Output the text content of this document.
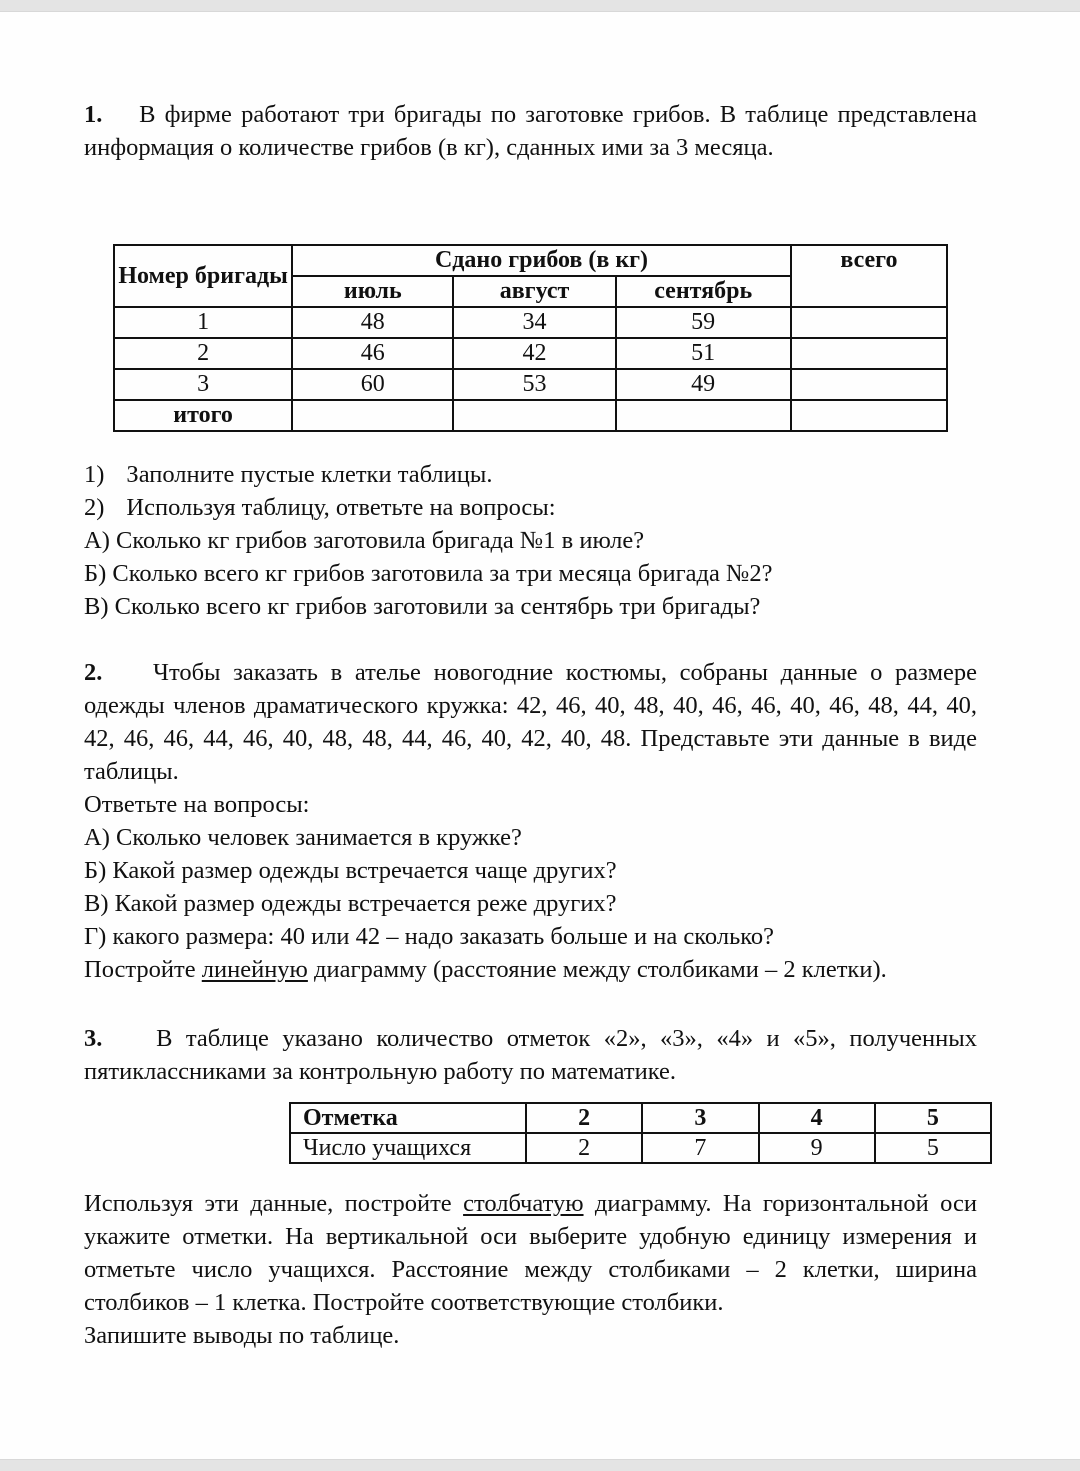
1. В фирме работают три бригады по заготовке грибов. В таблице представлена информация о количестве грибов (в кг), сданных ими за 3 месяца.
Номер бригады	Сдано грибов (в кг)			всего
	июль	август	сентябрь	
1	48	34	59	
2	46	42	51	
3	60	53	49	
итого				
1) Заполните пустые клетки таблицы.
2) Используя таблицу, ответьте на вопросы:
А) Сколько кг грибов заготовила бригада №1 в июле?
Б) Сколько всего кг грибов заготовила за три месяца бригада №2?
В) Сколько всего кг грибов заготовили за сентябрь три бригады?
2. Чтобы заказать в ателье новогодние костюмы, собраны данные о размере одежды членов драматического кружка: 42, 46, 40, 48, 40, 46, 46, 40, 46, 48, 44, 40, 42, 46, 46, 44, 46, 40, 48, 48, 44, 46, 40, 42, 40, 48. Представьте эти данные в виде таблицы.
Ответьте на вопросы:
А) Сколько человек занимается в кружке?
Б) Какой размер одежды встречается чаще других?
В) Какой размер одежды встречается реже других?
Г) какого размера: 40 или 42 – надо заказать больше и на сколько?
Постройте линейную диаграмму (расстояние между столбиками – 2 клетки).
3. В таблице указано количество отметок «2», «3», «4» и «5», полученных пятиклассниками за контрольную работу по математике.
Отметка	2	3	4	5
Число учащихся	2	7	9	5
Используя эти данные, постройте столбчатую диаграмму. На горизонтальной оси укажите отметки. На вертикальной оси выберите удобную единицу измерения и отметьте число учащихся. Расстояние между столбиками – 2 клетки, ширина столбиков – 1 клетка. Постройте соответствующие столбики.
Запишите выводы по таблице.
